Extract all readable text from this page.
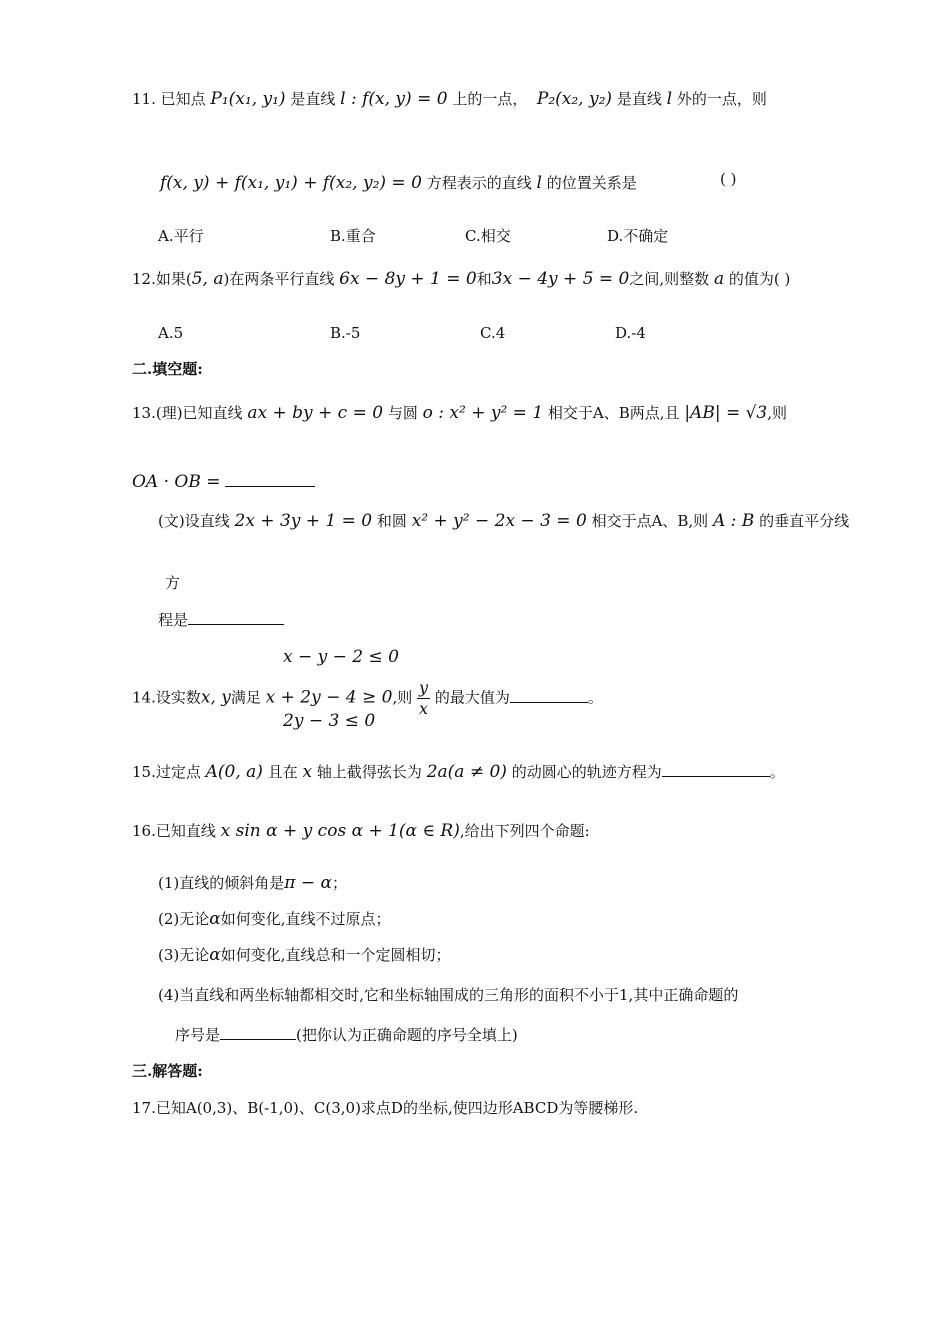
11. 已知点 P₁(x₁, y₁) 是直线 l : f(x, y) = 0 上的一点， P₂(x₂, y₂) 是直线 l 外的一点，则
f(x, y) + f(x₁, y₁) + f(x₂, y₂) = 0 方程表示的直线 l 的位置关系是	( )
A.平行	B.重合	C.相交	D.不确定
12.如果(5, a)在两条平行直线 6x − 8y + 1 = 0和3x − 4y + 5 = 0之间,则整数 a 的值为( )
A.5	B.-5	C.4	D.-4
二.填空题:
13.(理)已知直线 ax + by + c = 0 与圆 o : x² + y² = 1 相交于A、B两点,且 |AB| = √3,则
OA · OB =
(文)设直线 2x + 3y + 1 = 0 和圆 x² + y² − 2x − 3 = 0 相交于点A、B,则 A : B 的垂直平分线
方
程是
x − y − 2 ≤ 0
14.设实数x, y满足 x + 2y − 4 ≥ 0,则 $\frac{y}{x}$ 的最大值为	。
2y − 3 ≤ 0
15.过定点 A(0, a) 且在 x 轴上截得弦长为 2a(a ≠ 0) 的动圆心的轨迹方程为	。
16.已知直线 x sin α + y cos α + 1(α ∈ R),给出下列四个命题:
(1)直线的倾斜角是π − α；
(2)无论α如何变化,直线不过原点；
(3)无论α如何变化,直线总和一个定圆相切；
(4)当直线和两坐标轴都相交时,它和坐标轴围成的三角形的面积不小于1,其中正确命题的
序号是	(把你认为正确命题的序号全填上)
三.解答题:
17.已知A(0,3)、B(-1,0)、C(3,0)求点D的坐标,使四边形ABCD为等腰梯形.
